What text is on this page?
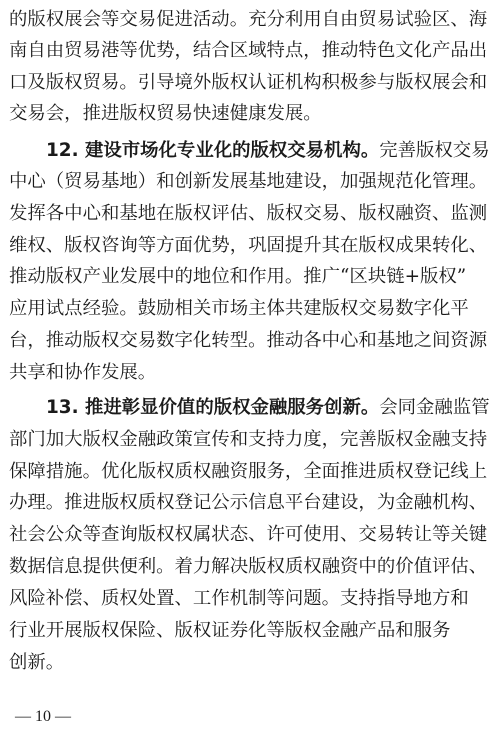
的版权展会等交易促进活动。充分利用自由贸易试验区、海
南自由贸易港等优势，结合区域特点，推动特色文化产品出
口及版权贸易。引导境外版权认证机构积极参与版权展会和
交易会，推进版权贸易快速健康发展。
12. 建设市场化专业化的版权交易机构。完善版权交易
中心（贸易基地）和创新发展基地建设，加强规范化管理。
发挥各中心和基地在版权评估、版权交易、版权融资、监测
维权、版权咨询等方面优势，巩固提升其在版权成果转化、
推动版权产业发展中的地位和作用。推广“区块链+版权”
应用试点经验。鼓励相关市场主体共建版权交易数字化平
台，推动版权交易数字化转型。推动各中心和基地之间资源
共享和协作发展。
13. 推进彰显价值的版权金融服务创新。会同金融监管
部门加大版权金融政策宣传和支持力度，完善版权金融支持
保障措施。优化版权质权融资服务，全面推进质权登记线上
办理。推进版权质权登记公示信息平台建设，为金融机构、
社会公众等查询版权权属状态、许可使用、交易转让等关键
数据信息提供便利。着力解决版权质权融资中的价值评估、
风险补偿、质权处置、工作机制等问题。支持指导地方和
行业开展版权保险、版权证券化等版权金融产品和服务
创新。
— 10 —
